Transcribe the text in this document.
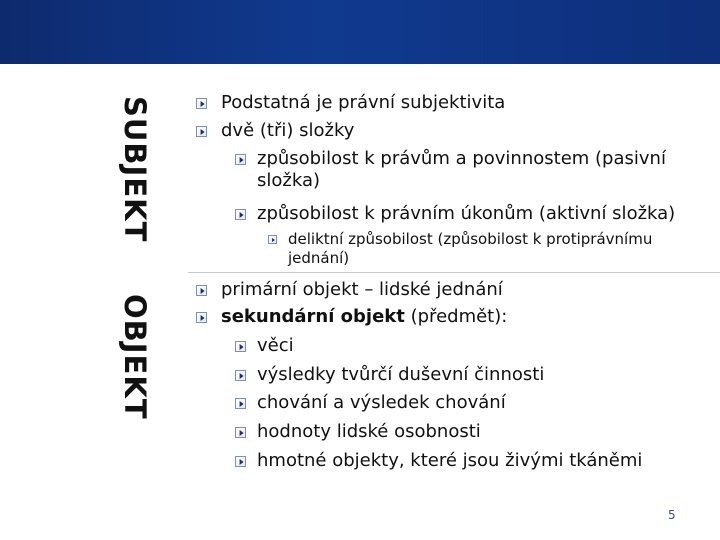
SUBJEKT
OBJEKT
Podstatná je právní subjektivita
dvě (tři) složky
způsobilost k právům a povinnostem (pasivní
složka)
způsobilost k právním úkonům (aktivní složka)
deliktní způsobilost (způsobilost k protiprávnímu
jednání)
primární objekt – lidské jednání
sekundární objekt (předmět):
věci
výsledky tvůrčí duševní činnosti
chování a výsledek chování
hodnoty lidské osobnosti
hmotné objekty, které jsou živými tkáněmi
5
